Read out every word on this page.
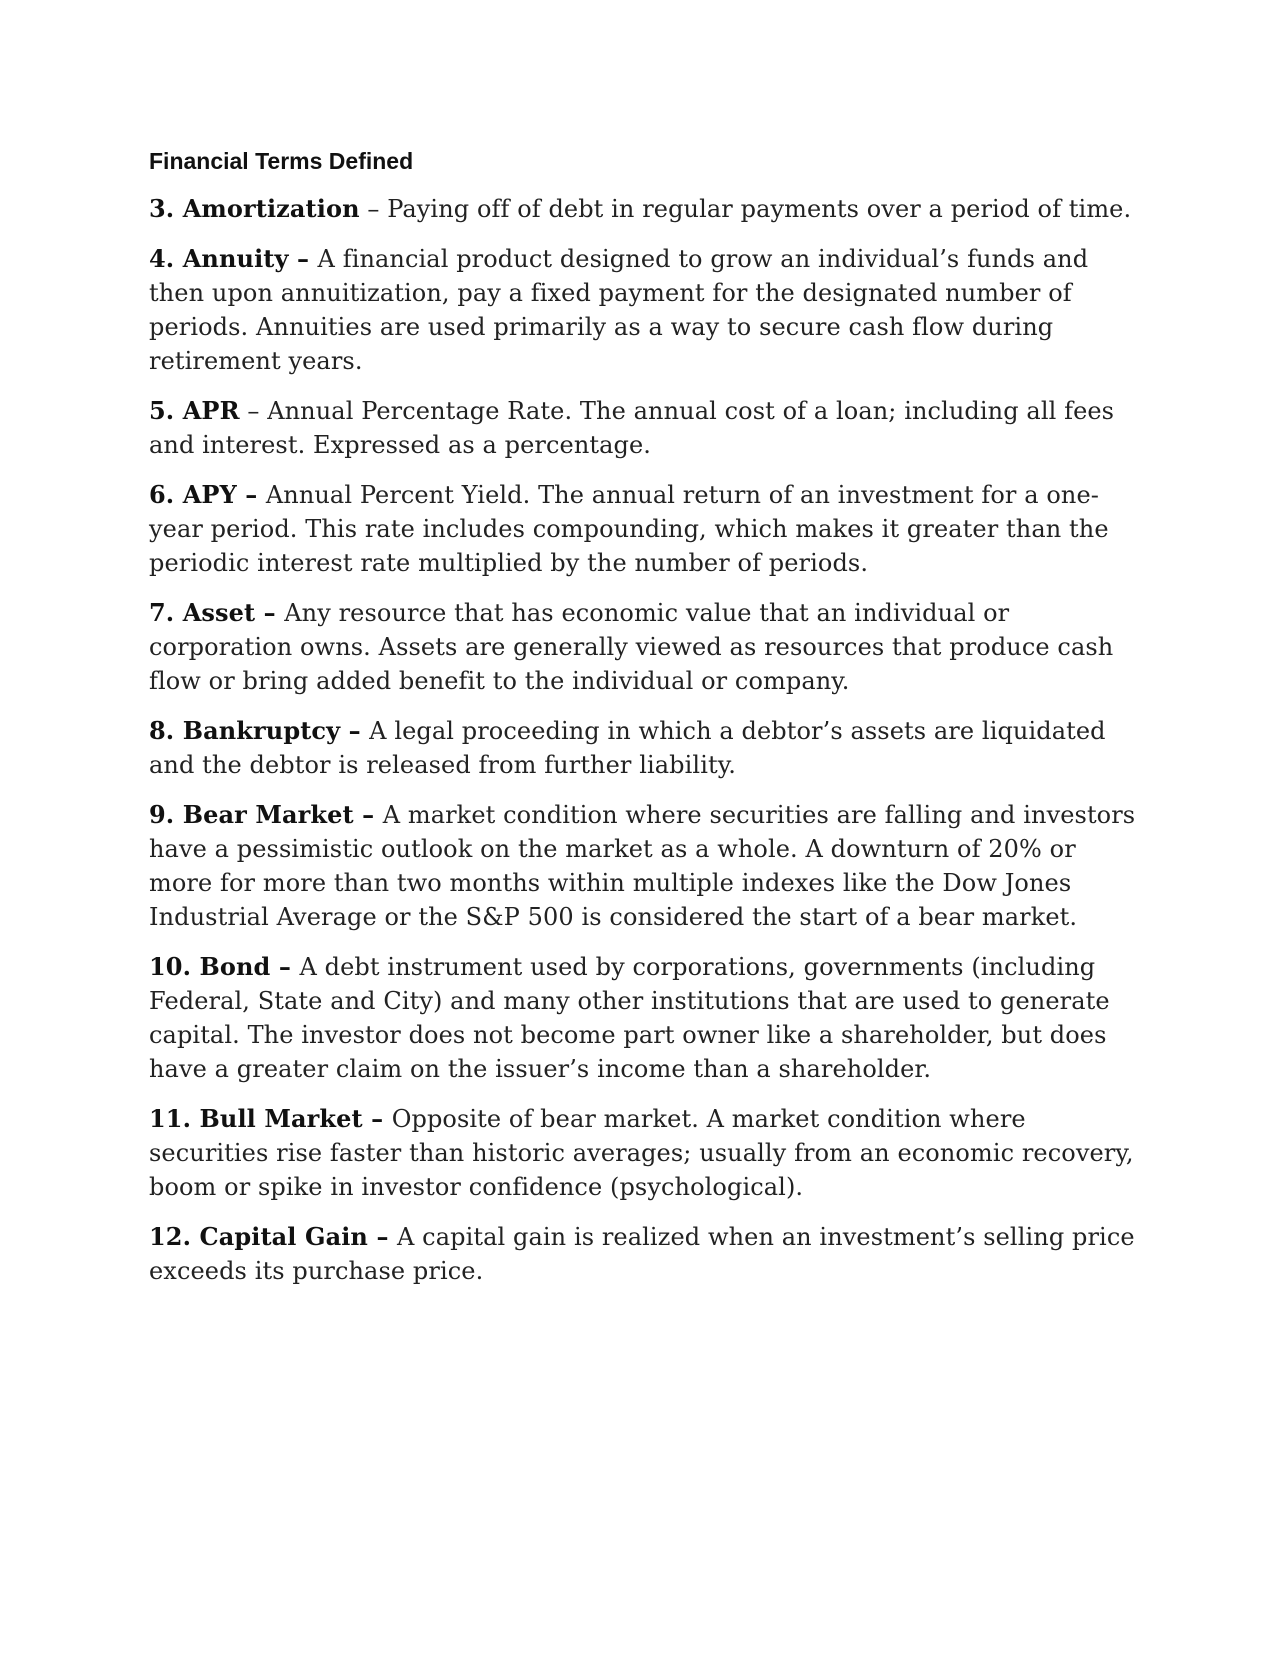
Financial Terms Defined

3. Amortization – Paying off of debt in regular payments over a period of time.

4. Annuity – A financial product designed to grow an individual’s funds and then upon annuitization, pay a fixed payment for the designated number of periods. Annuities are used primarily as a way to secure cash flow during retirement years.

5. APR – Annual Percentage Rate. The annual cost of a loan; including all fees and interest. Expressed as a percentage.

6. APY – Annual Percent Yield. The annual return of an investment for a one-year period. This rate includes compounding, which makes it greater than the periodic interest rate multiplied by the number of periods.

7. Asset – Any resource that has economic value that an individual or corporation owns. Assets are generally viewed as resources that produce cash flow or bring added benefit to the individual or company.

8. Bankruptcy – A legal proceeding in which a debtor’s assets are liquidated and the debtor is released from further liability.

9. Bear Market – A market condition where securities are falling and investors have a pessimistic outlook on the market as a whole. A downturn of 20% or more for more than two months within multiple indexes like the Dow Jones Industrial Average or the S&P 500 is considered the start of a bear market.

10. Bond – A debt instrument used by corporations, governments (including Federal, State and City) and many other institutions that are used to generate capital. The investor does not become part owner like a shareholder, but does have a greater claim on the issuer’s income than a shareholder.

11. Bull Market – Opposite of bear market. A market condition where securities rise faster than historic averages; usually from an economic recovery, boom or spike in investor confidence (psychological).

12. Capital Gain – A capital gain is realized when an investment’s selling price exceeds its purchase price.
